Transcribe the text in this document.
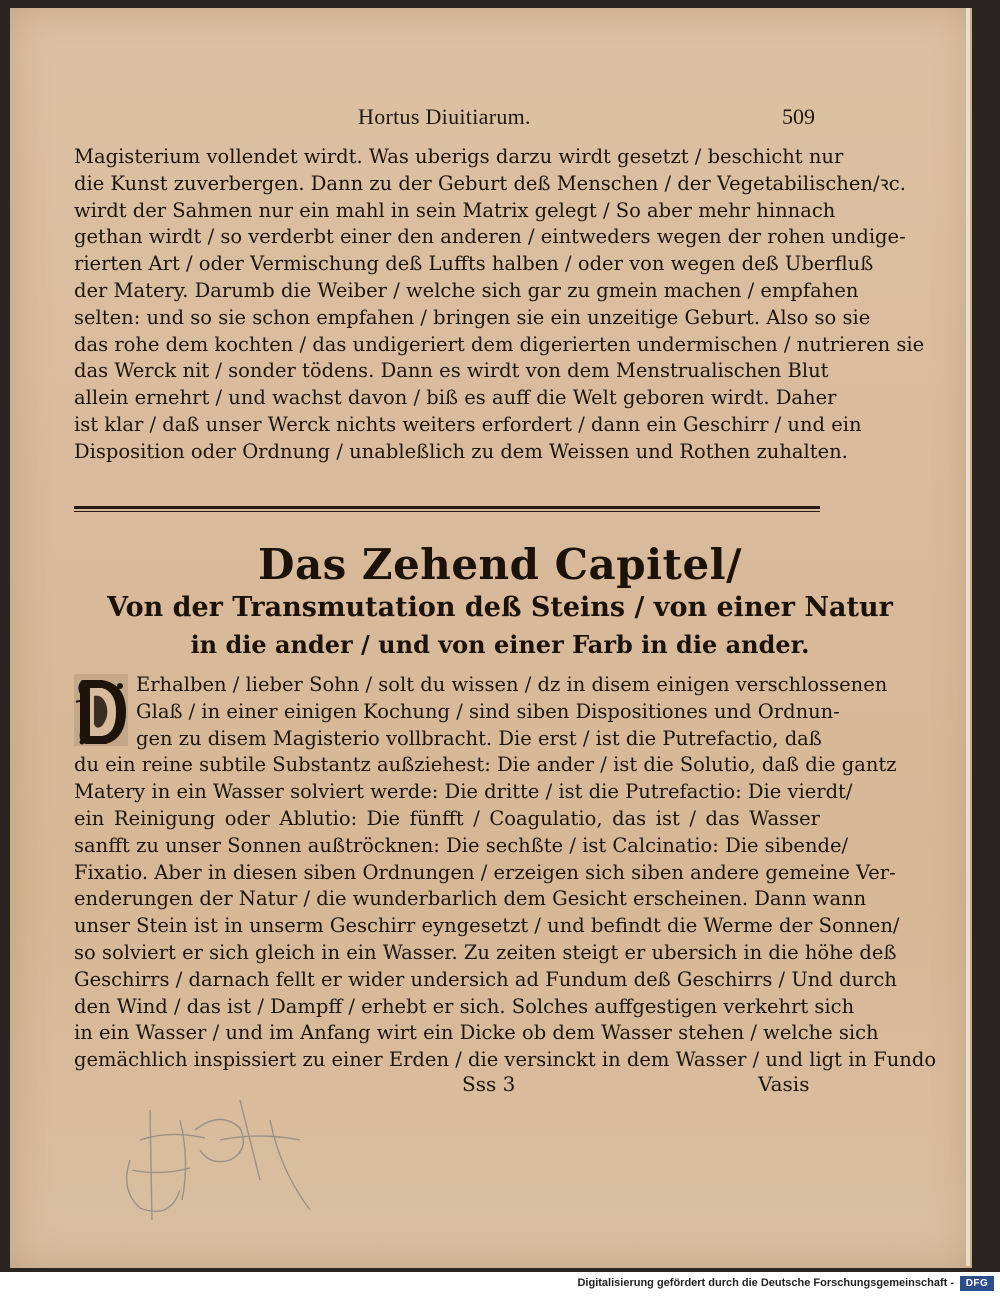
Hortus Diuitiarum.	509
Magisterium vollendet wirdt. Was uberigs darzu wirdt gesetzt / beschicht nur
die Kunst zuverbergen. Dann zu der Geburt deß Menschen / der Vegetabilischen/ꝛc.
wirdt der Sahmen nur ein mahl in sein Matrix gelegt / So aber mehr hinnach
gethan wirdt / so verderbt einer den anderen / eintweders wegen der rohen undige-
rierten Art / oder Vermischung deß Luffts halben / oder von wegen deß Uberfluß
der Matery. Darumb die Weiber / welche sich gar zu gmein machen / empfahen
selten: und so sie schon empfahen / bringen sie ein unzeitige Geburt. Also so sie
das rohe dem kochten / das undigeriert dem digerierten undermischen / nutrieren sie
das Werck nit / sonder tödens. Dann es wirdt von dem Menstrualischen Blut
allein ernehrt / und wachst davon / biß es auff die Welt geboren wirdt. Daher
ist klar / daß unser Werck nichts weiters erfordert / dann ein Geschirr / und ein
Disposition oder Ordnung / unableßlich zu dem Weissen und Rothen zuhalten.
Das Zehend Capitel/
Von der Transmutation deß Steins / von einer Natur
in die ander / und von einer Farb in die ander.
Erhalben / lieber Sohn / solt du wissen / dz in disem einigen verschlossenen
Glaß / in einer einigen Kochung / sind siben Dispositiones und Ordnun-
gen zu disem Magisterio vollbracht. Die erst / ist die Putrefactio, daß
du ein reine subtile Substantz außziehest: Die ander / ist die Solutio, daß die gantz
Matery in ein Wasser solviert werde: Die dritte / ist die Putrefactio: Die vierdt/
ein Reinigung oder Ablutio: Die fünfft / Coagulatio, das ist / das Wasser
sanfft zu unser Sonnen außtröcknen: Die sechßte / ist Calcinatio: Die sibende/
Fixatio. Aber in diesen siben Ordnungen / erzeigen sich siben andere gemeine Ver-
enderungen der Natur / die wunderbarlich dem Gesicht erscheinen. Dann wann
unser Stein ist in unserm Geschirr eyngesetzt / und befindt die Werme der Sonnen/
so solviert er sich gleich in ein Wasser. Zu zeiten steigt er ubersich in die höhe deß
Geschirrs / darnach fellt er wider undersich ad Fundum deß Geschirrs / Und durch
den Wind / das ist / Dampff / erhebt er sich. Solches auffgestigen verkehrt sich
in ein Wasser / und im Anfang wirt ein Dicke ob dem Wasser stehen / welche sich
gemächlich inspissiert zu einer Erden / die versinckt in dem Wasser / und ligt in Fundo
Sss 3	Vasis
Digitalisierung gefördert durch die Deutsche Forschungsgemeinschaft -	DFG
